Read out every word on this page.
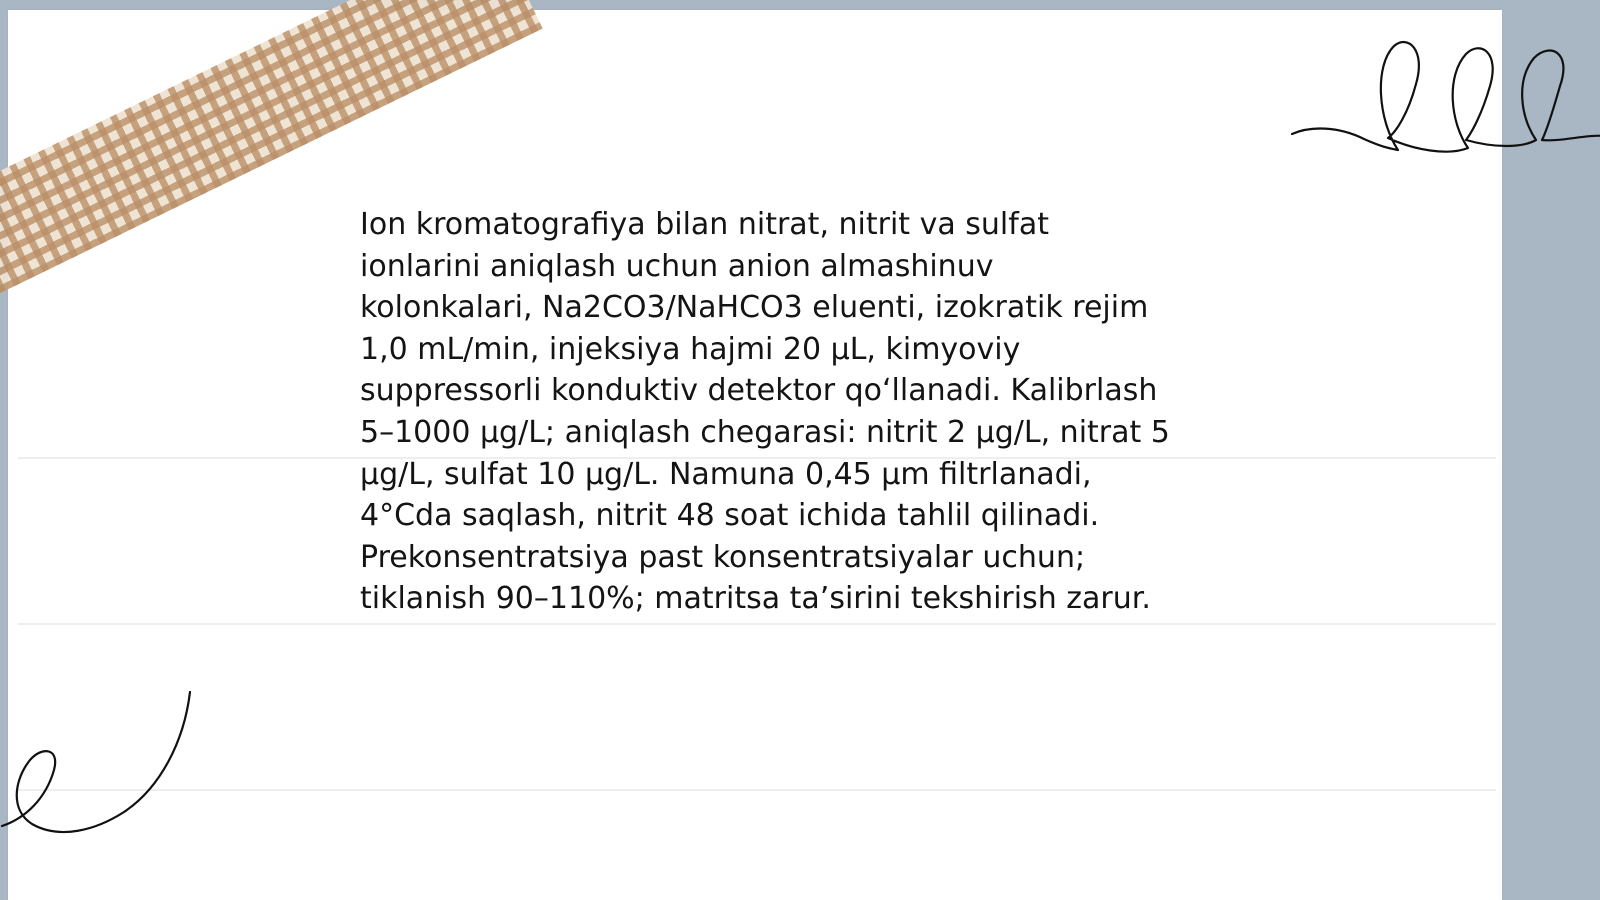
Ion kromatografiya bilan nitrat, nitrit va sulfat
ionlarini aniqlash uchun anion almashinuv
kolonkalari, Na2CO3/NaHCO3 eluenti, izokratik rejim
1,0 mL/min, injeksiya hajmi 20 µL, kimyoviy
suppressorli konduktiv detektor qo‘llanadi. Kalibrlash
5–1000 µg/L; aniqlash chegarasi: nitrit 2 µg/L, nitrat 5
µg/L, sulfat 10 µg/L. Namuna 0,45 µm filtrlanadi,
4°Cda saqlash, nitrit 48 soat ichida tahlil qilinadi.
Prekonsentratsiya past konsentratsiyalar uchun;
tiklanish 90–110%; matritsa ta’sirini tekshirish zarur.
